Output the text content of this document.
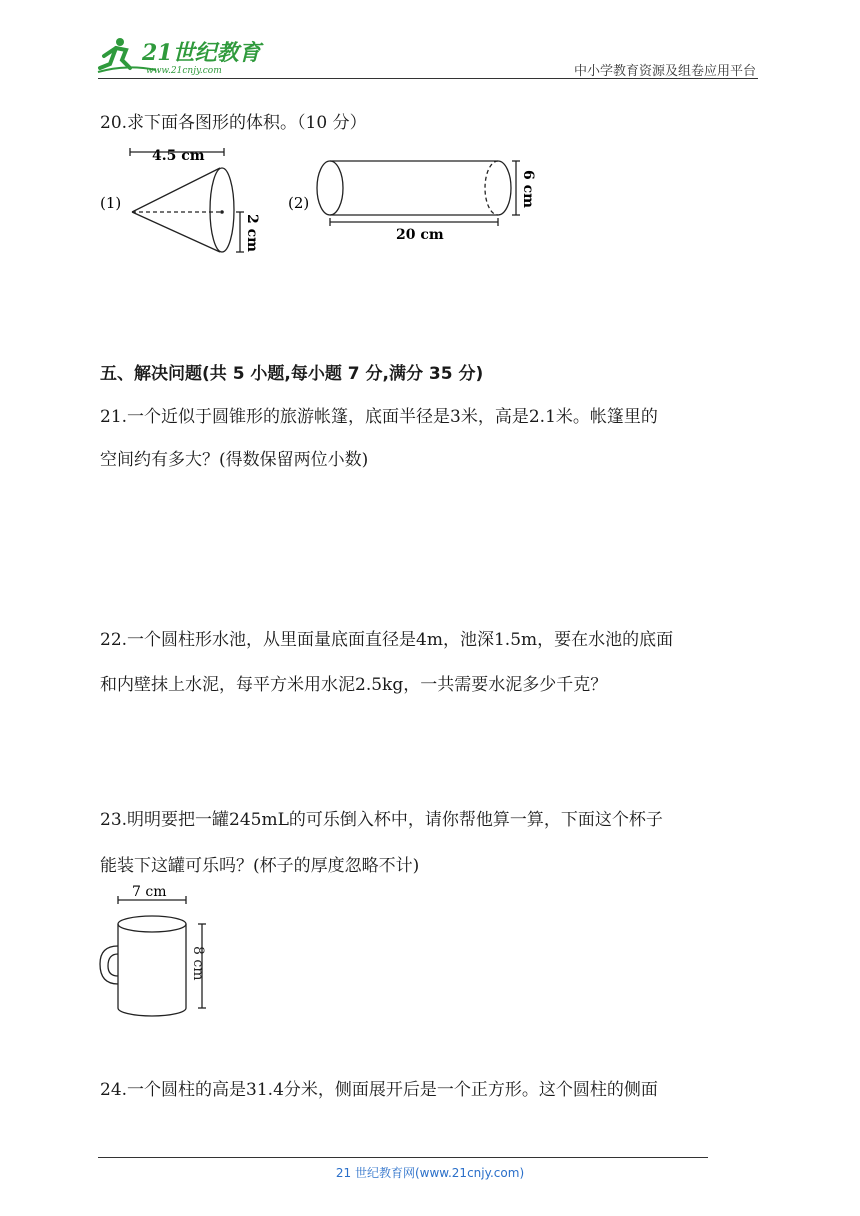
21世纪教育
www.21cnjy.com	中小学教育资源及组卷应用平台
20.求下面各图形的体积。（10 分）
(1)
4.5 cm
2 cm
(2)
20 cm
6 cm
五、解决问题(共 5 小题,每小题 7 分,满分 35 分)
21.一个近似于圆锥形的旅游帐篷，底面半径是3米，高是2.1米。帐篷里的
空间约有多大？(得数保留两位小数)
22.一个圆柱形水池，从里面量底面直径是4m，池深1.5m，要在水池的底面
和内壁抹上水泥，每平方米用水泥2.5kg，一共需要水泥多少千克？
23.明明要把一罐245mL的可乐倒入杯中，请你帮他算一算，下面这个杯子
能装下这罐可乐吗？(杯子的厚度忽略不计)
7 cm
8 cm
24.一个圆柱的高是31.4分米，侧面展开后是一个正方形。这个圆柱的侧面
21 世纪教育网(www.21cnjy.com)
